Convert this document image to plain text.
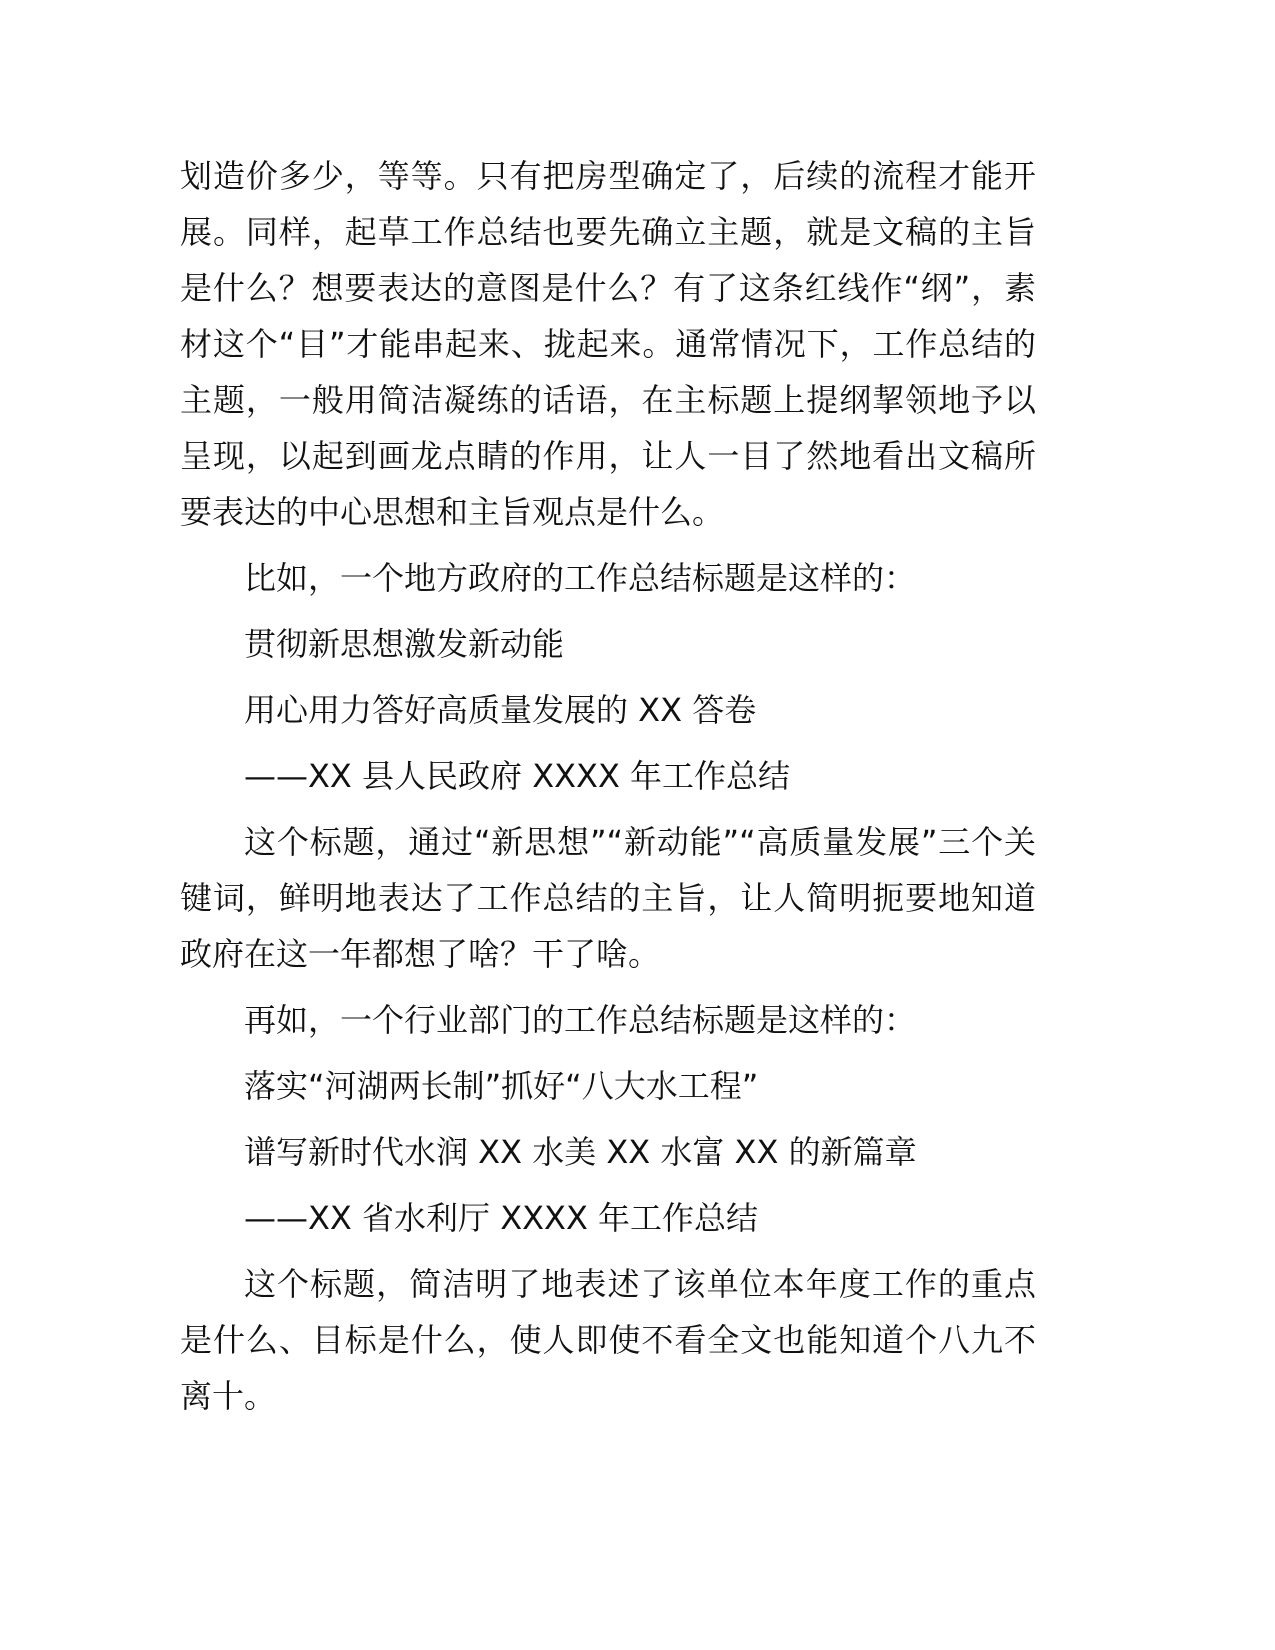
划造价多少，等等。只有把房型确定了，后续的流程才能开展。同样，起草工作总结也要先确立主题，就是文稿的主旨是什么？想要表达的意图是什么？有了这条红线作“纲”，素材这个“目”才能串起来、拢起来。通常情况下，工作总结的主题，一般用简洁凝练的话语，在主标题上提纲挈领地予以呈现，以起到画龙点睛的作用，让人一目了然地看出文稿所要表达的中心思想和主旨观点是什么。

比如，一个地方政府的工作总结标题是这样的：

贯彻新思想激发新动能

用心用力答好高质量发展的 XX 答卷

——XX 县人民政府 XXXX 年工作总结

这个标题，通过“新思想”“新动能”“高质量发展”三个关键词，鲜明地表达了工作总结的主旨，让人简明扼要地知道政府在这一年都想了啥？干了啥。

再如，一个行业部门的工作总结标题是这样的：

落实“河湖两长制”抓好“八大水工程”

谱写新时代水润 XX 水美 XX 水富 XX 的新篇章

——XX 省水利厅 XXXX 年工作总结

这个标题，简洁明了地表述了该单位本年度工作的重点是什么、目标是什么，使人即使不看全文也能知道个八九不离十。
